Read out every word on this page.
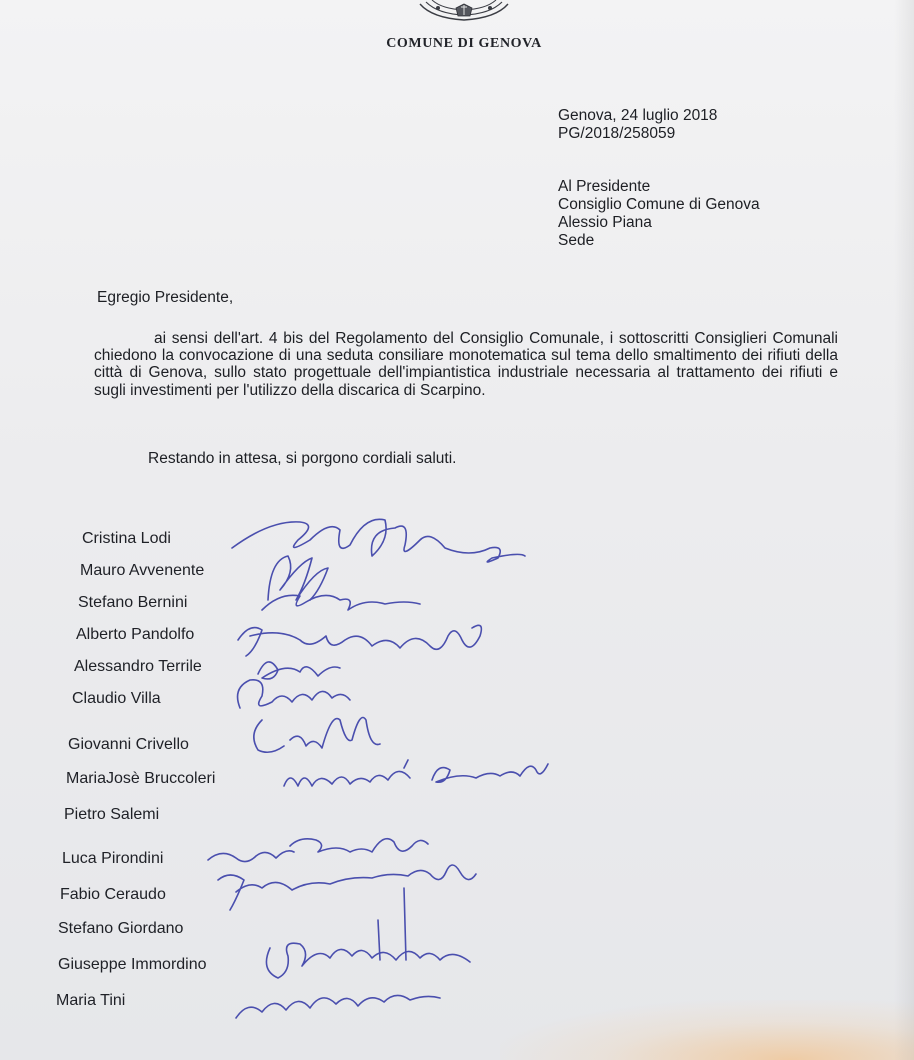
COMUNE DI GENOVA
Genova, 24 luglio 2018
PG/2018/258059
Al Presidente
Consiglio Comune di Genova
Alessio Piana
Sede
Egregio Presidente,
ai sensi dell'art. 4 bis del Regolamento del Consiglio Comunale, i sottoscritti Consiglieri Comunali chiedono la convocazione di una seduta consiliare monotematica sul tema dello smaltimento dei rifiuti della città di Genova, sullo stato progettuale dell'impiantistica industriale necessaria al trattamento dei rifiuti e sugli investimenti per l'utilizzo della discarica di Scarpino.
Restando in attesa, si porgono cordiali saluti.
Cristina Lodi
Mauro Avvenente
Stefano Bernini
Alberto Pandolfo
Alessandro Terrile
Claudio Villa
Giovanni Crivello
MariaJosè Bruccoleri
Pietro Salemi
Luca Pirondini
Fabio Ceraudo
Stefano Giordano
Giuseppe Immordino
Maria Tini
